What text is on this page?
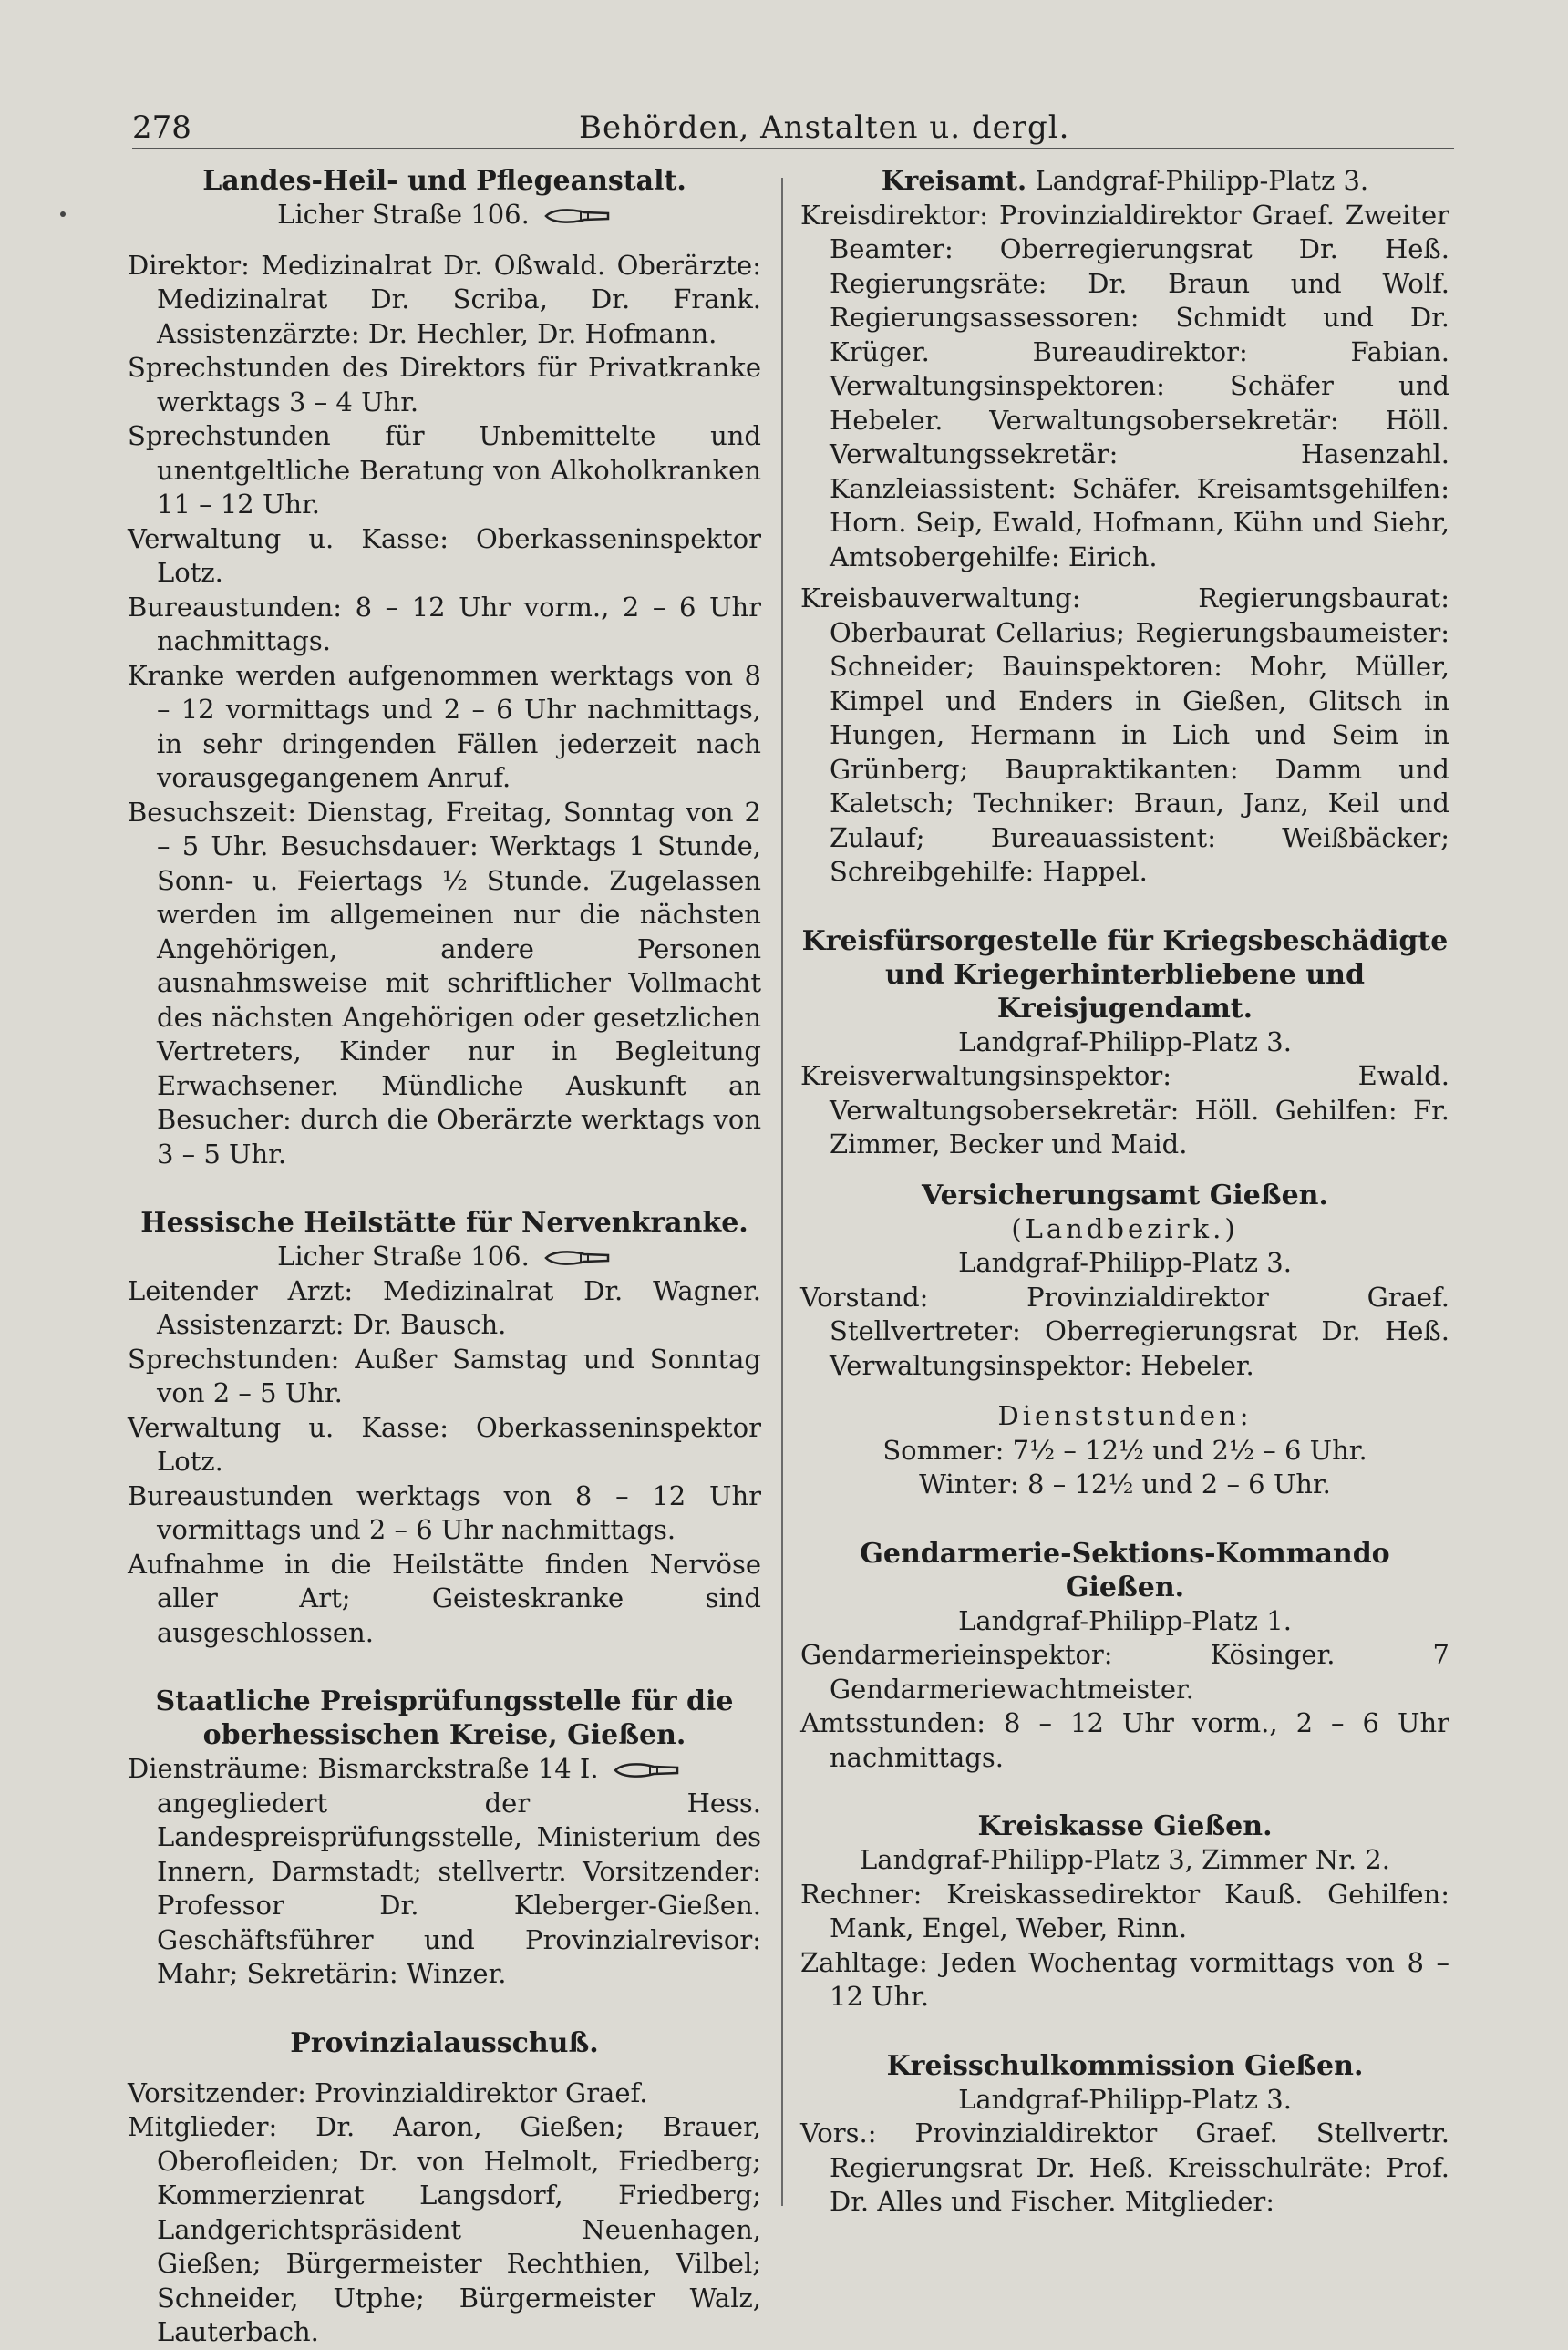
278	Behörden, Anstalten u. dergl.

Landes-Heil- und Pflegeanstalt.

Licher Straße 106.

Direktor: Medizinalrat Dr. Oßwald. Oberärzte: Medizinalrat Dr. Scriba, Dr. Frank. Assistenzärzte: Dr. Hechler, Dr. Hofmann.

Sprechstunden des Direktors für Privatkranke werktags 3 – 4 Uhr.

Sprechstunden für Unbemittelte und unentgeltliche Beratung von Alkoholkranken 11 – 12 Uhr.

Verwaltung u. Kasse: Oberkasseninspektor Lotz.

Bureaustunden: 8 – 12 Uhr vorm., 2 – 6 Uhr nachmittags.

Kranke werden aufgenommen werktags von 8 – 12 vormittags und 2 – 6 Uhr nachmittags, in sehr dringenden Fällen jederzeit nach vorausgegangenem Anruf.

Besuchszeit: Dienstag, Freitag, Sonntag von 2 – 5 Uhr. Besuchsdauer: Werktags 1 Stunde, Sonn- u. Feiertags ½ Stunde. Zugelassen werden im allgemeinen nur die nächsten Angehörigen, andere Personen ausnahmsweise mit schriftlicher Vollmacht des nächsten Angehörigen oder gesetzlichen Vertreters, Kinder nur in Begleitung Erwachsener. Mündliche Auskunft an Besucher: durch die Oberärzte werktags von 3 – 5 Uhr.

Hessische Heilstätte für Nervenkranke.

Licher Straße 106.

Leitender Arzt: Medizinalrat Dr. Wagner. Assistenzarzt: Dr. Bausch.

Sprechstunden: Außer Samstag und Sonntag von 2 – 5 Uhr.

Verwaltung u. Kasse: Oberkasseninspektor Lotz.

Bureaustunden werktags von 8 – 12 Uhr vormittags und 2 – 6 Uhr nachmittags.

Aufnahme in die Heilstätte finden Nervöse aller Art; Geisteskranke sind ausgeschlossen.

Staatliche Preisprüfungsstelle für die oberhessischen Kreise, Gießen.

Diensträume: Bismarckstraße 14 I.

angegliedert der Hess. Landespreisprüfungsstelle, Ministerium des Innern, Darmstadt; stellvertr. Vorsitzender: Professor Dr. Kleberger-Gießen. Geschäftsführer und Provinzialrevisor: Mahr; Sekretärin: Winzer.

Provinzialausschuß.

Vorsitzender: Provinzialdirektor Graef.

Mitglieder: Dr. Aaron, Gießen; Brauer, Oberofleiden; Dr. von Helmolt, Friedberg; Kommerzienrat Langsdorf, Friedberg; Landgerichtspräsident Neuenhagen, Gießen; Bürgermeister Rechthien, Vilbel; Schneider, Utphe; Bürgermeister Walz, Lauterbach.

Kreisamt. Landgraf-Philipp-Platz 3.

Kreisdirektor: Provinzialdirektor Graef. Zweiter Beamter: Oberregierungsrat Dr. Heß. Regierungsräte: Dr. Braun und Wolf. Regierungsassessoren: Schmidt und Dr. Krüger. Bureaudirektor: Fabian. Verwaltungsinspektoren: Schäfer und Hebeler. Verwaltungsobersekretär: Höll. Verwaltungssekretär: Hasenzahl. Kanzleiassistent: Schäfer. Kreisamtsgehilfen: Horn. Seip, Ewald, Hofmann, Kühn und Siehr, Amtsobergehilfe: Eirich.

Kreisbauverwaltung: Regierungsbaurat: Oberbaurat Cellarius; Regierungsbaumeister: Schneider; Bauinspektoren: Mohr, Müller, Kimpel und Enders in Gießen, Glitsch in Hungen, Hermann in Lich und Seim in Grünberg; Baupraktikanten: Damm und Kaletsch; Techniker: Braun, Janz, Keil und Zulauf; Bureauassistent: Weißbäcker; Schreibgehilfe: Happel.

Kreisfürsorgestelle für Kriegsbeschädigte und Kriegerhinterbliebene und Kreisjugendamt.

Landgraf-Philipp-Platz 3.

Kreisverwaltungsinspektor: Ewald. Verwaltungsobersekretär: Höll. Gehilfen: Fr. Zimmer, Becker und Maid.

Versicherungsamt Gießen.

(Landbezirk.)

Landgraf-Philipp-Platz 3.

Vorstand: Provinzialdirektor Graef. Stellvertreter: Oberregierungsrat Dr. Heß. Verwaltungsinspektor: Hebeler.

Dienststunden:

Sommer: 7½ – 12½ und 2½ – 6 Uhr.

Winter: 8 – 12½ und 2 – 6 Uhr.

Gendarmerie-Sektions-Kommando Gießen.

Landgraf-Philipp-Platz 1.

Gendarmerieinspektor: Kösinger. 7 Gendarmeriewachtmeister.

Amtsstunden: 8 – 12 Uhr vorm., 2 – 6 Uhr nachmittags.

Kreiskasse Gießen.

Landgraf-Philipp-Platz 3, Zimmer Nr. 2.

Rechner: Kreiskassedirektor Kauß. Gehilfen: Mank, Engel, Weber, Rinn.

Zahltage: Jeden Wochentag vormittags von 8 – 12 Uhr.

Kreisschulkommission Gießen.

Landgraf-Philipp-Platz 3.

Vors.: Provinzialdirektor Graef. Stellvertr. Regierungsrat Dr. Heß. Kreisschulräte: Prof. Dr. Alles und Fischer. Mitglieder:
